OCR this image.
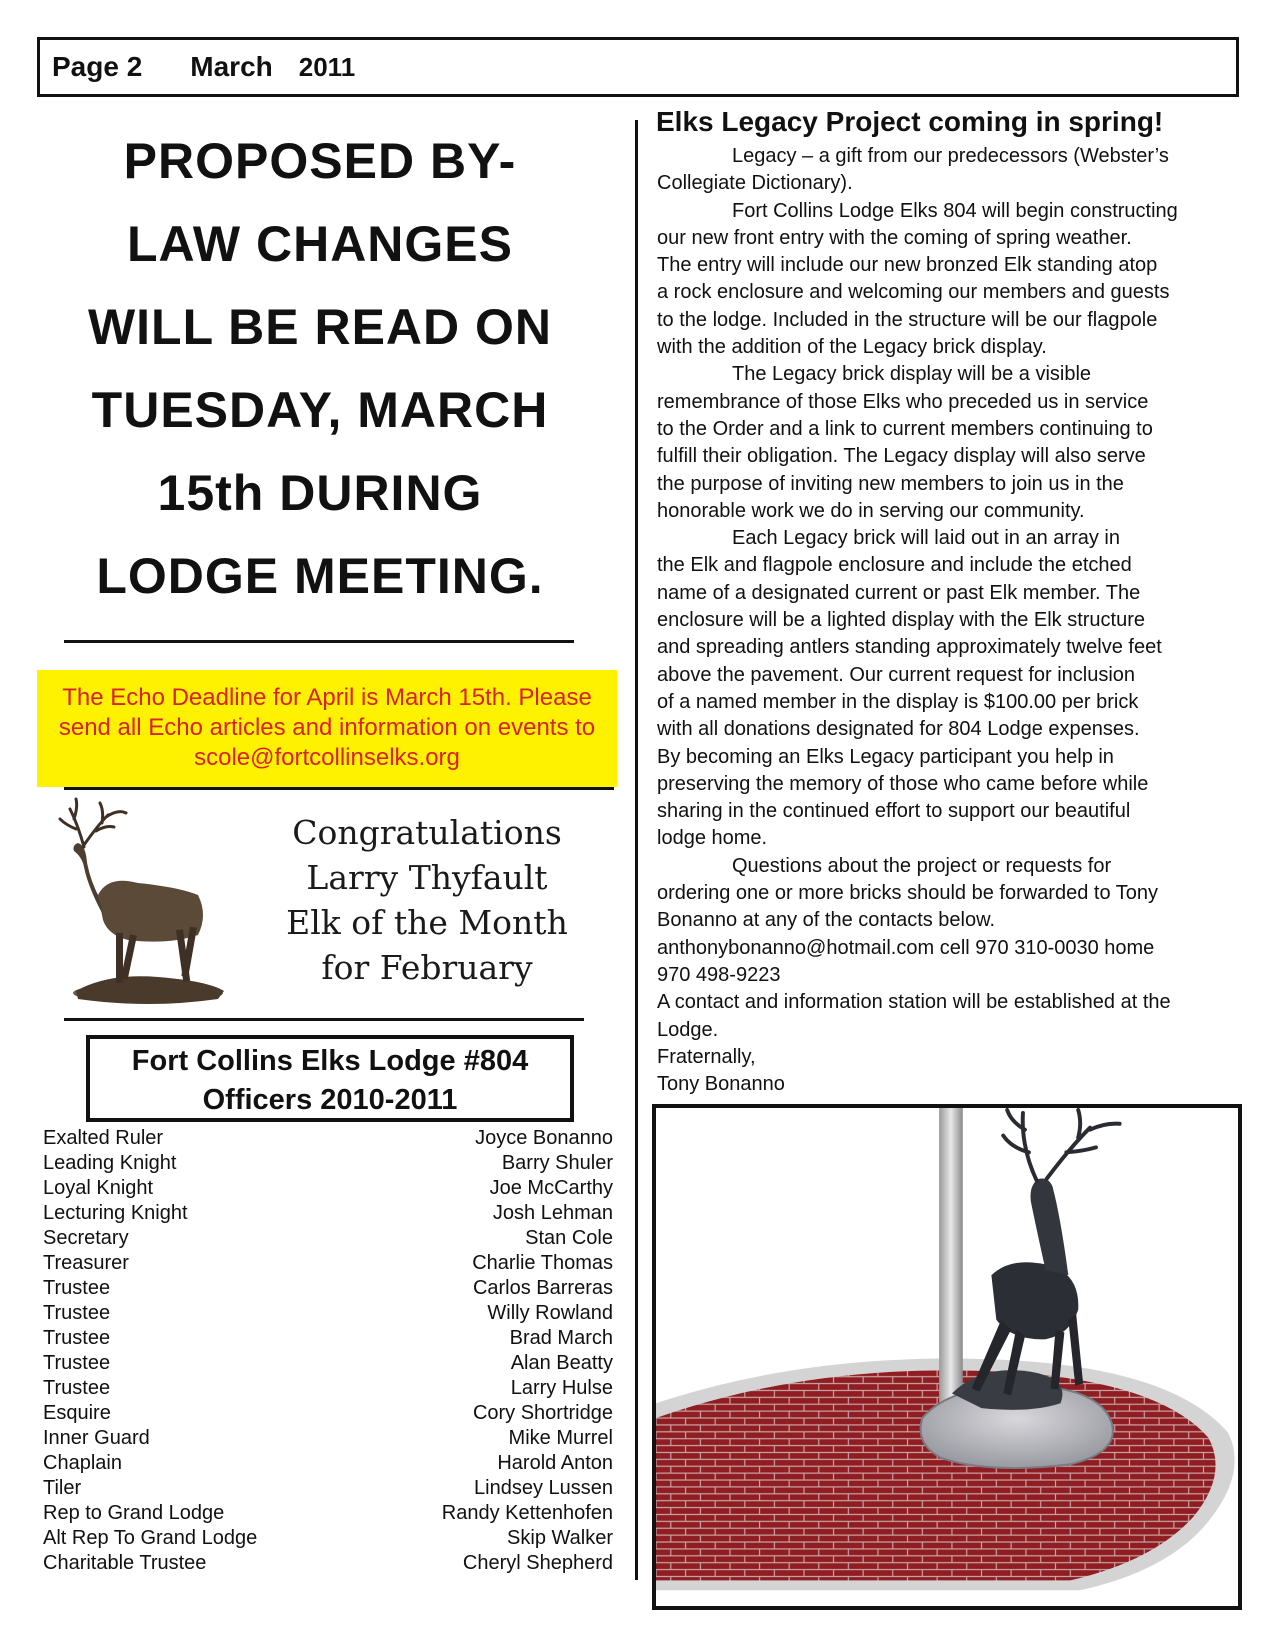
Page 2 March 2011
PROPOSED BY-
LAW CHANGES
WILL BE READ ON
TUESDAY, MARCH
15th DURING
LODGE MEETING.
The Echo Deadline for April is March 15th. Please
send all Echo articles and information on events to
scole@fortcollinselks.org
Congratulations
Larry Thyfault
Elk of the Month
for February
Fort Collins Elks Lodge #804
Officers 2010-2011
Exalted Ruler	Joyce Bonanno
Leading Knight	Barry Shuler
Loyal Knight	Joe McCarthy
Lecturing Knight	Josh Lehman
Secretary	Stan Cole
Treasurer	Charlie Thomas
Trustee	Carlos Barreras
Trustee	Willy Rowland
Trustee	Brad March
Trustee	Alan Beatty
Trustee	Larry Hulse
Esquire	Cory Shortridge
Inner Guard	Mike Murrel
Chaplain	Harold Anton
Tiler	Lindsey Lussen
Rep to Grand Lodge	Randy Kettenhofen
Alt Rep To Grand Lodge	Skip Walker
Charitable Trustee	Cheryl Shepherd
Elks Legacy Project coming in spring!
Legacy – a gift from our predecessors (Webster’s
Collegiate Dictionary).
Fort Collins Lodge Elks 804 will begin constructing
our new front entry with the coming of spring weather.
The entry will include our new bronzed Elk standing atop
a rock enclosure and welcoming our members and guests
to the lodge. Included in the structure will be our flagpole
with the addition of the Legacy brick display.
The Legacy brick display will be a visible
remembrance of those Elks who preceded us in service
to the Order and a link to current members continuing to
fulfill their obligation. The Legacy display will also serve
the purpose of inviting new members to join us in the
honorable work we do in serving our community.
Each Legacy brick will laid out in an array in
the Elk and flagpole enclosure and include the etched
name of a designated current or past Elk member. The
enclosure will be a lighted display with the Elk structure
and spreading antlers standing approximately twelve feet
above the pavement. Our current request for inclusion
of a named member in the display is $100.00 per brick
with all donations designated for 804 Lodge expenses.
By becoming an Elks Legacy participant you help in
preserving the memory of those who came before while
sharing in the continued effort to support our beautiful
lodge home.
Questions about the project or requests for
ordering one or more bricks should be forwarded to Tony
Bonanno at any of the contacts below.
anthonybonanno@hotmail.com cell 970 310-0030 home
970 498-9223
A contact and information station will be established at the
Lodge.
Fraternally,
Tony Bonanno
